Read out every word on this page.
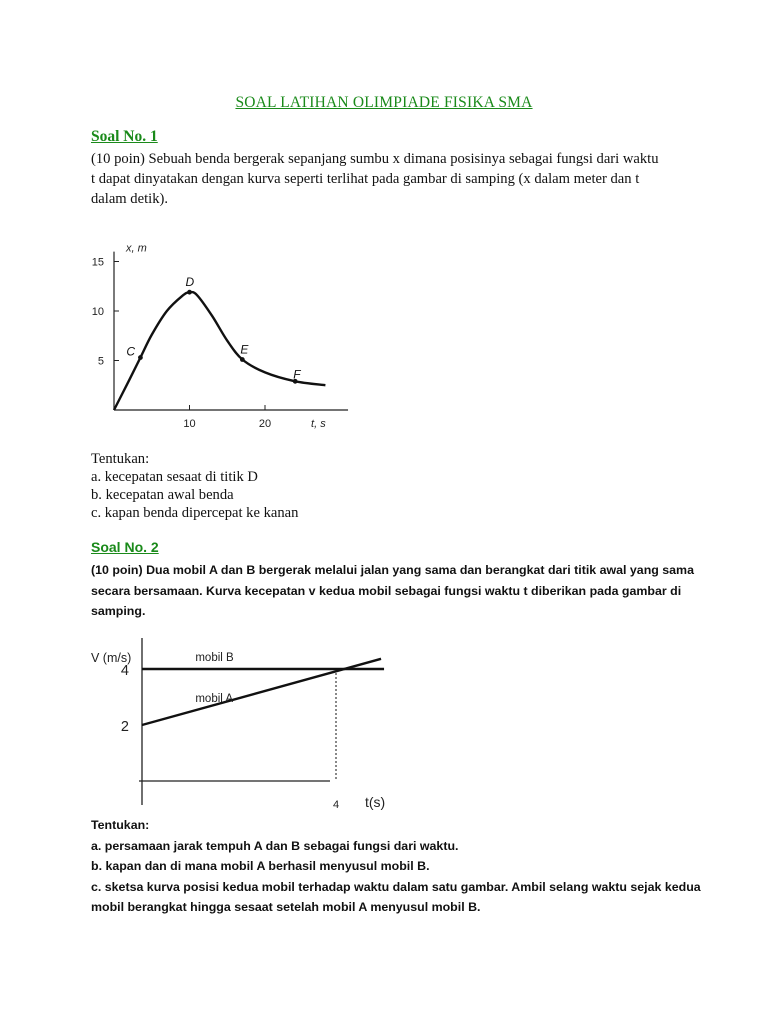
SOAL LATIHAN OLIMPIADE FISIKA SMA
Soal No. 1
(10 poin) Sebuah benda bergerak sepanjang sumbu x dimana posisinya sebagai fungsi dari waktu
t dapat dinyatakan dengan kurva seperti terlihat pada gambar di samping (x dalam meter dan t
dalam detik).
x, m
t, s
5
10
15
10	20
C
D
E
F
Tentukan:
a. kecepatan sesaat di titik D
b. kecepatan awal benda
c. kapan benda dipercepat ke kanan
Soal No. 2
(10 poin) Dua mobil A dan B bergerak melalui jalan yang sama dan berangkat dari titik awal yang sama
secara bersamaan. Kurva kecepatan v kedua mobil sebagai fungsi waktu t diberikan pada gambar di
samping.
V (m/s)
t(s)
2
4
4
mobil B
mobil A
Tentukan:
a. persamaan jarak tempuh A dan B sebagai fungsi dari waktu.
b. kapan dan di mana mobil A berhasil menyusul mobil B.
c. sketsa kurva posisi kedua mobil terhadap waktu dalam satu gambar. Ambil selang waktu sejak kedua
mobil berangkat hingga sesaat setelah mobil A menyusul mobil B.
